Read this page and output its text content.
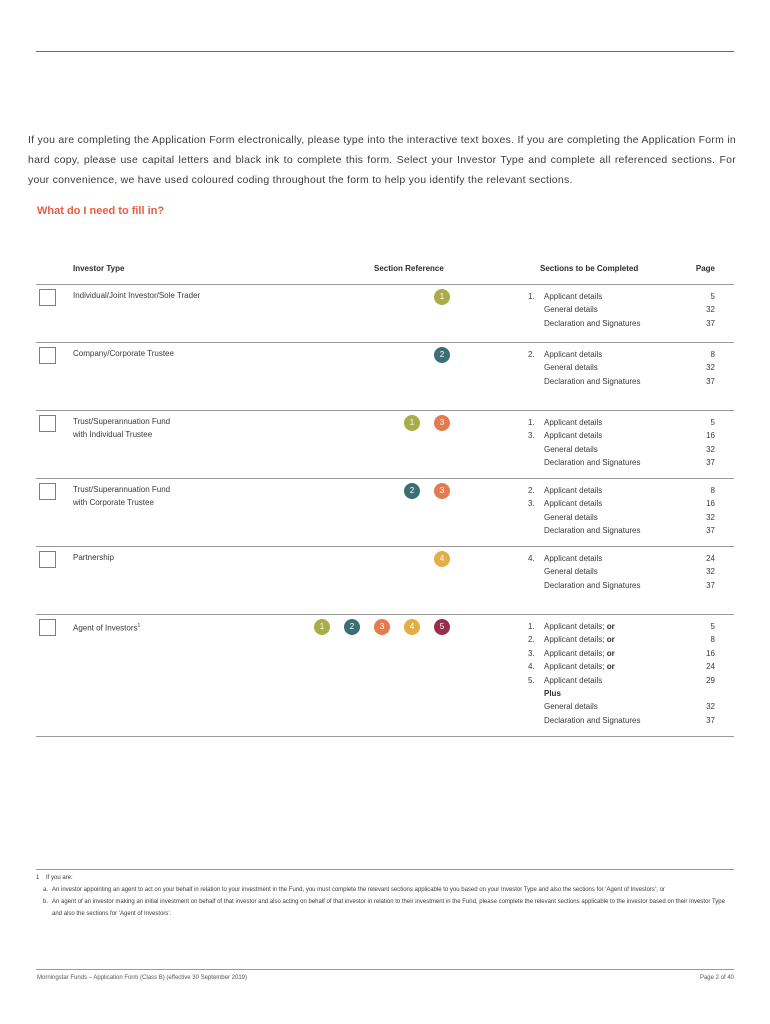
If you are completing the Application Form electronically, please type into the interactive text boxes. If you are completing the Application Form in hard copy, please use capital letters and black ink to complete this form. Select your Investor Type and complete all referenced sections. For your convenience, we have used coloured coding throughout the form to help you identify the relevant sections.

What do I need to fill in?
Investor Type	Section Reference	Sections to be Completed	Page
Individual/Joint Investor/Sole Trader	1	1.	Applicant details	5
General details	32
Declaration and Signatures	37
Company/Corporate Trustee	2	2.	Applicant details	8
General details	32
Declaration and Signatures	37
Trust/Superannuation Fund
with Individual Trustee
1	3	1.	Applicant details	5
3.	Applicant details	16
General details	32
Declaration and Signatures	37
Trust/Superannuation Fund
with Corporate Trustee
2	3	2.	Applicant details	8
3.	Applicant details	16
General details	32
Declaration and Signatures	37
Partnership	4	4.	Applicant details	24
General details	32
Declaration and Signatures	37
Agent of Investors$^1$	1	2	3	4	5	1.	Applicant details; or	5
2.	Applicant details; or	8
3.	Applicant details; or	16
4.	Applicant details; or	24
5.	Applicant details	29
Plus
General details	32
Declaration and Signatures	37
1 If you are:
a. An investor appointing an agent to act on your behalf in relation to your investment in the Fund, you must complete the relevant sections applicable to you based on your Investor Type and also the sections for ‘Agent of Investors’; or
b. An agent of an investor making an initial investment on behalf of that investor and also acting on behalf of that investor in relation to their investment in the Fund, please complete the relevant sections applicable to the investor based on their Investor Type and also the sections for ‘Agent of Investors’.
Morningstar Funds – Application Form (Class B) (effective 30 September 2019)	Page 2 of 40
